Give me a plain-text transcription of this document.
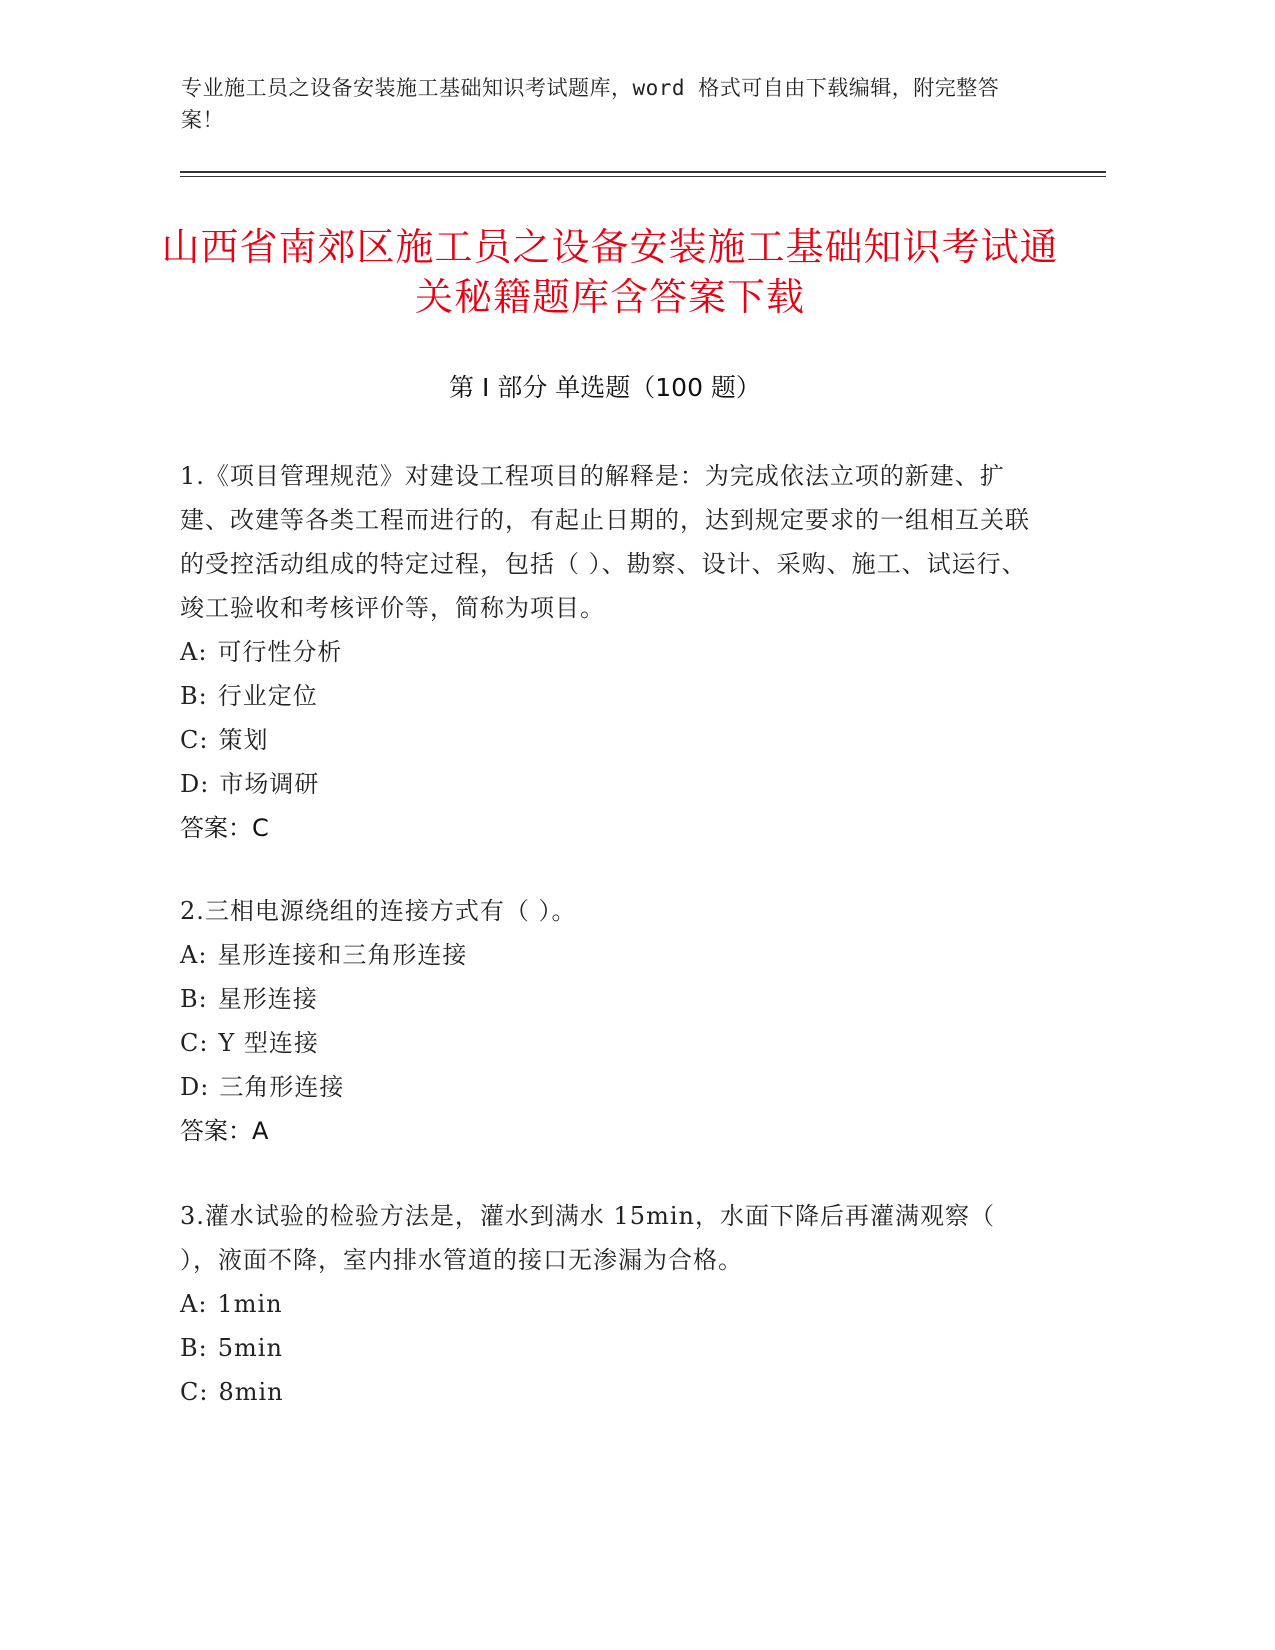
专业施工员之设备安装施工基础知识考试题库，word 格式可自由下载编辑，附完整答案！
山西省南郊区施工员之设备安装施工基础知识考试通关秘籍题库含答案下载
第 I 部分 单选题（100 题）
1.《项目管理规范》对建设工程项目的解释是：为完成依法立项的新建、扩建、改建等各类工程而进行的，有起止日期的，达到规定要求的一组相互关联的受控活动组成的特定过程，包括（ ）、勘察、设计、采购、施工、试运行、竣工验收和考核评价等，简称为项目。
A: 可行性分析
B: 行业定位
C: 策划
D: 市场调研
答案：C
2.三相电源绕组的连接方式有（ ）。
A: 星形连接和三角形连接
B: 星形连接
C: Y 型连接
D: 三角形连接
答案：A
3.灌水试验的检验方法是，灌水到满水 15min，水面下降后再灌满观察（ ），液面不降，室内排水管道的接口无渗漏为合格。
A: 1min
B: 5min
C: 8min
